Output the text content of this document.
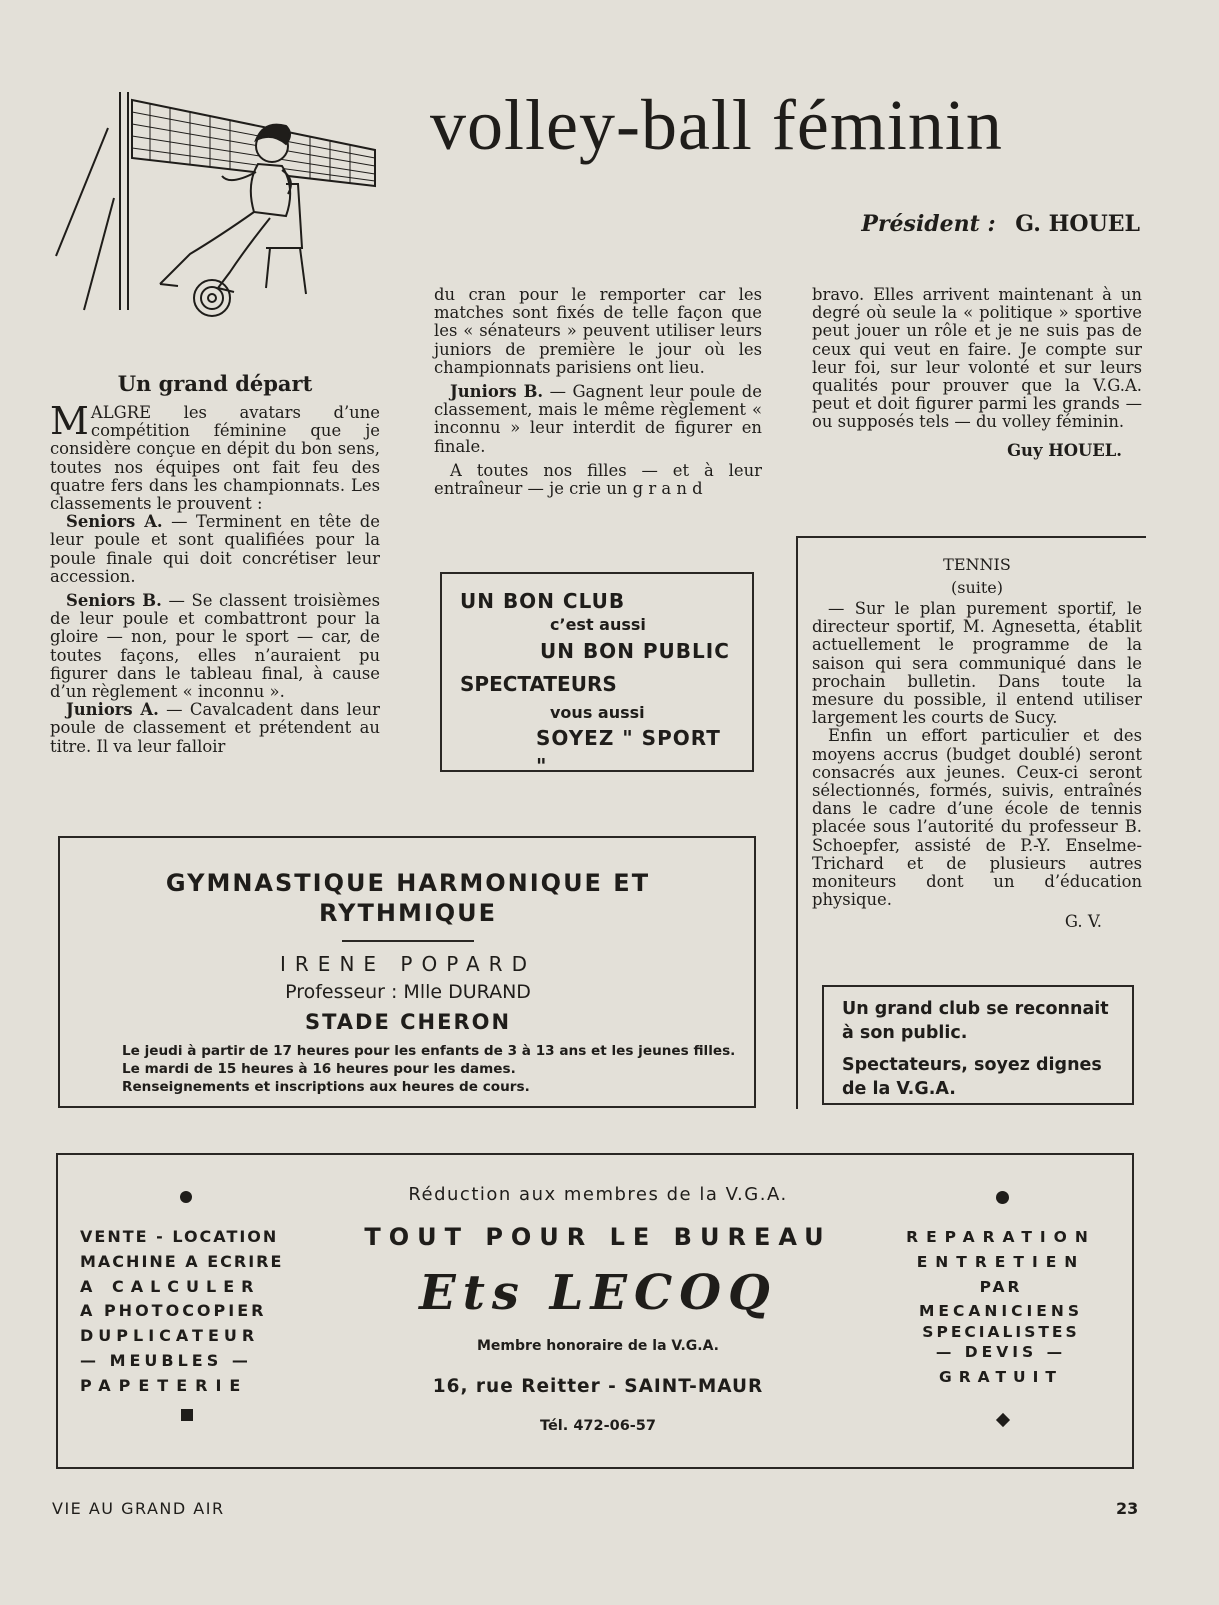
volley-ball féminin
Président : G. HOUEL
Un grand départ

MALGRE les avatars d’une compétition féminine que je considère conçue en dépit du bon sens, toutes nos équipes ont fait feu des quatre fers dans les championnats. Les classements le prouvent :

Seniors A. — Terminent en tête de leur poule et sont qualifiées pour la poule finale qui doit concrétiser leur accession.

Seniors B. — Se classent troisièmes de leur poule et combattront pour la gloire — non, pour le sport — car, de toutes façons, elles n’auraient pu figurer dans le tableau final, à cause d’un règlement « inconnu ».

Juniors A. — Cavalcadent dans leur poule de classement et prétendent au titre. Il va leur falloir

du cran pour le remporter car les matches sont fixés de telle façon que les « sénateurs » peuvent utiliser leurs juniors de première le jour où les championnats parisiens ont lieu.

Juniors B. — Gagnent leur poule de classement, mais le même règlement « inconnu » leur interdit de figurer en finale.

A toutes nos filles — et à leur entraîneur — je crie un g r a n d

bravo. Elles arrivent maintenant à un degré où seule la « politique » sportive peut jouer un rôle et je ne suis pas de ceux qui veut en faire. Je compte sur leur foi, sur leur volonté et sur leurs qualités pour prouver que la V.G.A. peut et doit figurer parmi les grands — ou supposés tels — du volley féminin.

Guy HOUEL.

UN BON CLUB
c’est aussi
UN BON PUBLIC
SPECTATEURS
vous aussi
SOYEZ " SPORT "
TENNIS
(suite)

— Sur le plan purement sportif, le directeur sportif, M. Agnesetta, établit actuellement le programme de la saison qui sera communiqué dans le prochain bulletin. Dans toute la mesure du possible, il entend utiliser largement les courts de Sucy.

Enfin un effort particulier et des moyens accrus (budget doublé) seront consacrés aux jeunes. Ceux-ci seront sélectionnés, formés, suivis, entraînés dans le cadre d’une école de tennis placée sous l’autorité du professeur B. Schoepfer, assisté de P.-Y. Enselme-Trichard et de plusieurs autres moniteurs dont un d’éducation physique.

G. V.

Un grand club se reconnait à son public.
Spectateurs, soyez dignes de la V.G.A.
GYMNASTIQUE HARMONIQUE ET RYTHMIQUE
IRENE POPARD
Professeur : Mlle DURAND
STADE CHERON

Le jeudi à partir de 17 heures pour les enfants de 3 à 13 ans et les jeunes filles.

Le mardi de 15 heures à 16 heures pour les dames.

Renseignements et inscriptions aux heures de cours.

VENTE - LOCATION
MACHINE A ECRIRE
A CALCULER
A PHOTOCOPIER
DUPLICATEUR
— MEUBLES —
PAPETERIE
Réduction aux membres de la V.G.A.
TOUT POUR LE BUREAU
Ets LECOQ
Membre honoraire de la V.G.A.
16, rue Reitter - SAINT-MAUR
Tél. 472-06-57
REPARATION
ENTRETIEN
PAR
MECANICIENS
SPECIALISTES
— DEVIS —
GRATUIT
VIE AU GRAND AIR	23
